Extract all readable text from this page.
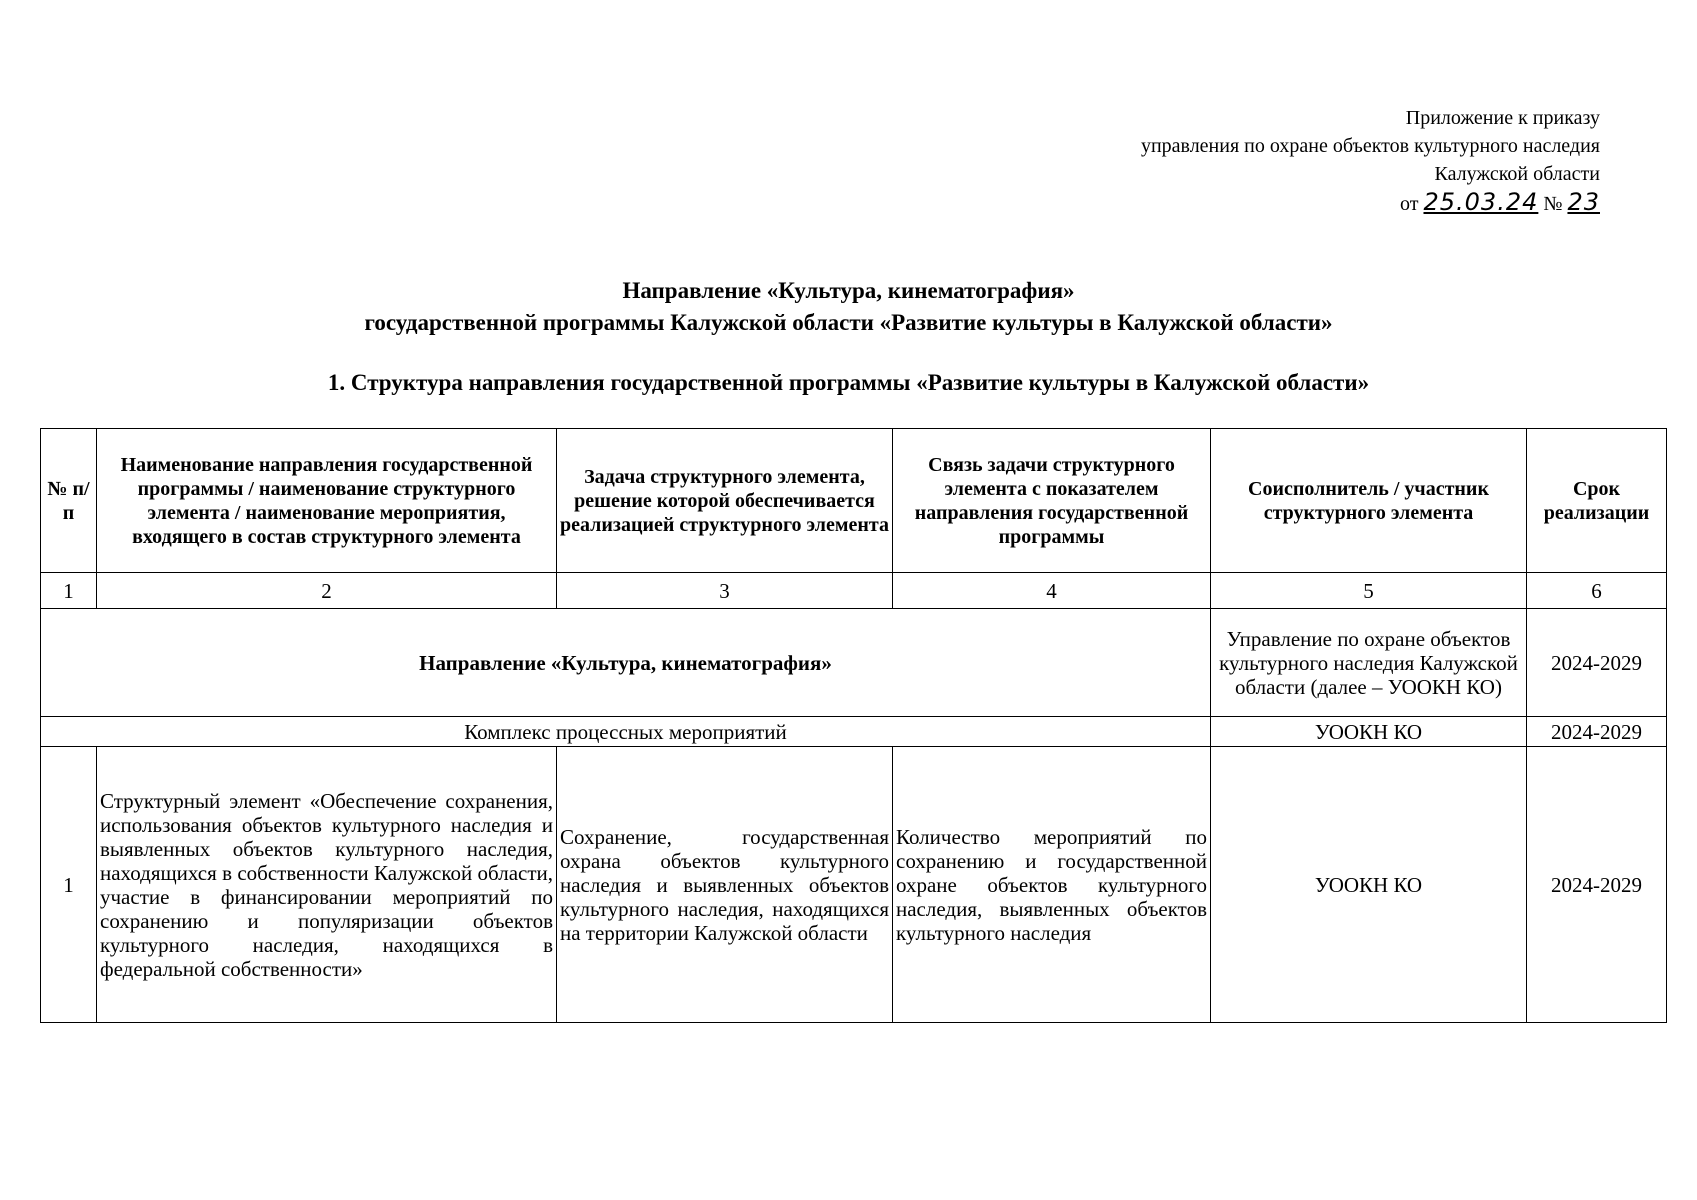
Приложение к приказу
управления по охране объектов культурного наследия
Калужской области
от 25.03.24 № 23
Направление «Культура, кинематография»
государственной программы Калужской области «Развитие культуры в Калужской области»
1. Структура направления государственной программы «Развитие культуры в Калужской области»
№ п/п	Наименование направления государственной программы / наименование структурного элемента / наименование мероприятия, входящего в состав структурного элемента	Задача структурного элемента, решение которой обеспечивается реализацией структурного элемента	Связь задачи структурного элемента с показателем направления государственной программы	Соисполнитель / участник структурного элемента	Срок реализации
1	2	3	4	5	6
Направление «Культура, кинематография»				Управление по охране объектов культурного наследия Калужской области (далее – УООКН КО)	2024-2029
Комплекс процессных мероприятий				УООКН КО	2024-2029
1	Структурный элемент «Обеспечение сохранения, использования объектов культурного наследия и выявленных объектов культурного наследия, находящихся в собственности Калужской области, участие в финансировании мероприятий по сохранению и популяризации объектов культурного наследия, находящихся в федеральной собственности»	Сохранение, государственная охрана объектов культурного наследия и выявленных объектов культурного наследия, находящихся на территории Калужской области	Количество мероприятий по сохранению и государственной охране объектов культурного наследия, выявленных объектов культурного наследия	УООКН КО	2024-2029
